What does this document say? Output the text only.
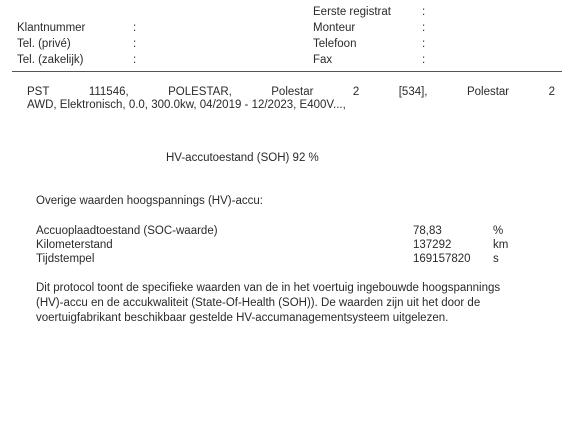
Eerste registrat	:
Monteur	:
Telefoon	:
Fax	:
Klantnummer	:
Tel. (privé)	:
Tel. (zakelijk)	:
PST	111546,	POLESTAR,	Polestar	2	[534],	Polestar	2
AWD, Elektronisch, 0.0, 300.0kw, 04/2019 - 12/2023, E400V...,
HV-accutoestand (SOH) 92 %
Overige waarden hoogspannings (HV)-accu:
Accuoplaadtoestand (SOC-waarde)	78,83	%
Kilometerstand	137292	km
Tijdstempel	169157820 s
Dit protocol toont de specifieke waarden van de in het voertuig ingebouwde hoogspannings
(HV)-accu en de accukwaliteit (State-Of-Health (SOH)). De waarden zijn uit het door de
voertuigfabrikant beschikbaar gestelde HV-accumanagementsysteem uitgelezen.
